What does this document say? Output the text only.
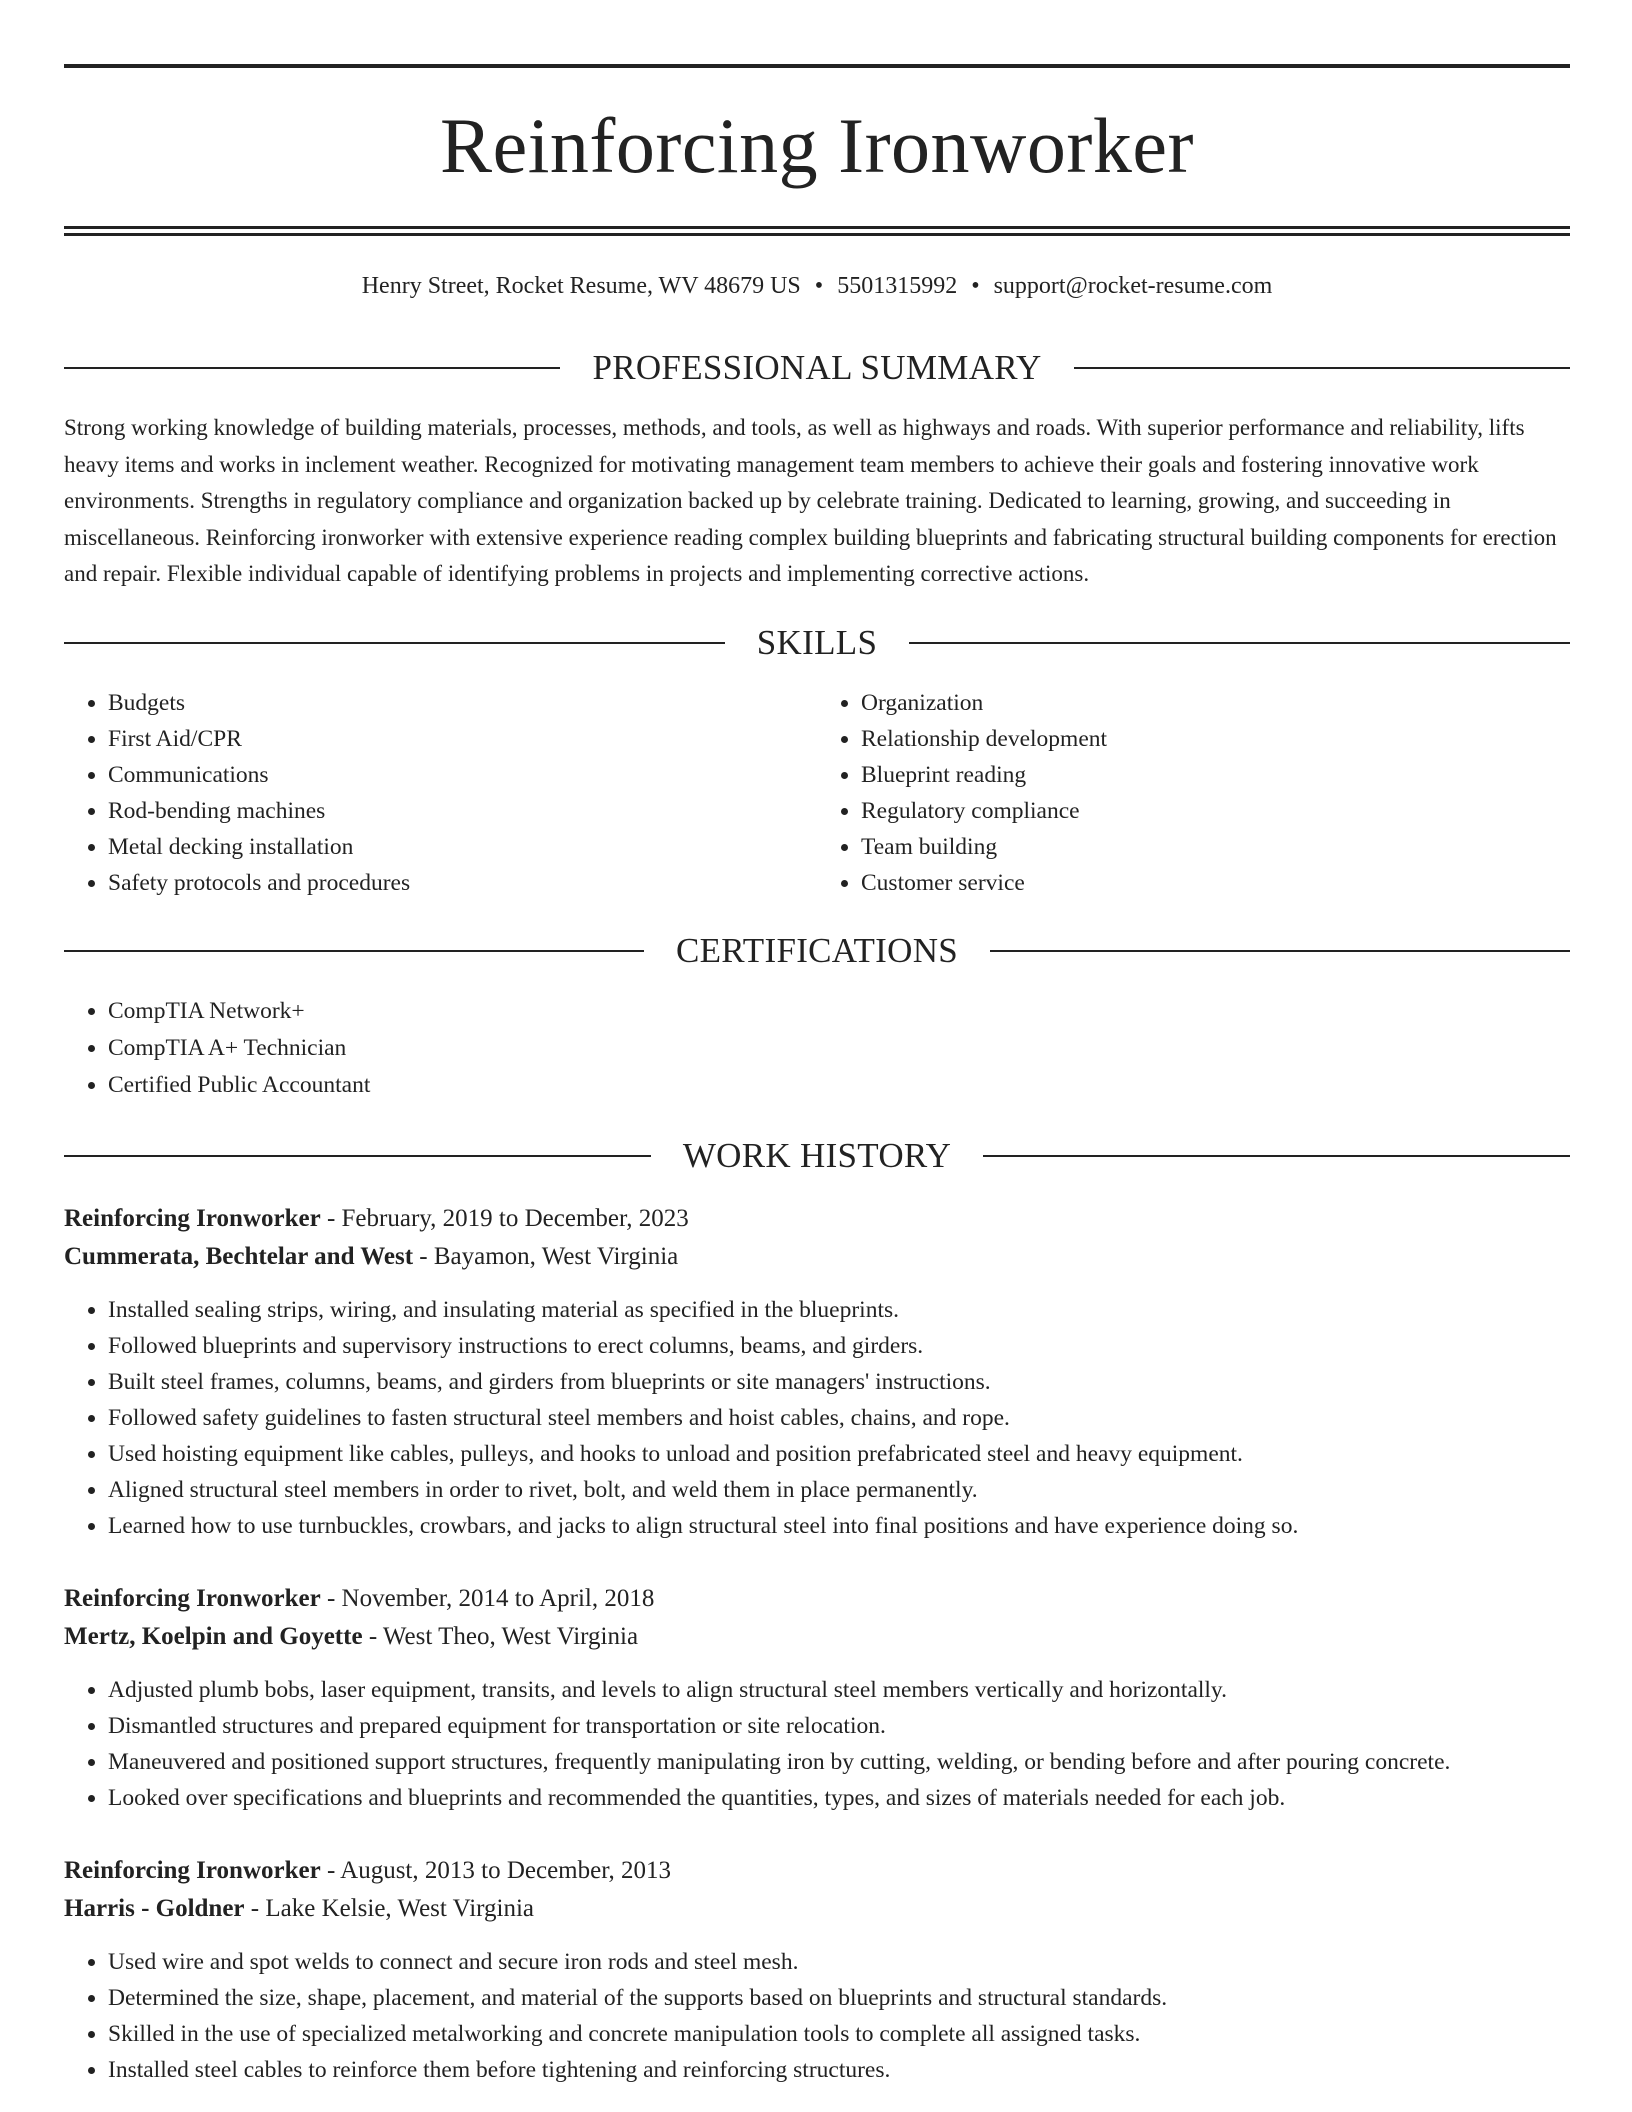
Reinforcing Ironworker
Henry Street, Rocket Resume, WV 48679 US • 5501315992 • support@rocket-resume.com
PROFESSIONAL SUMMARY

Strong working knowledge of building materials, processes, methods, and tools, as well as highways and roads. With superior performance and reliability, lifts heavy items and works in inclement weather. Recognized for motivating management team members to achieve their goals and fostering innovative work environments. Strengths in regulatory compliance and organization backed up by celebrate training. Dedicated to learning, growing, and succeeding in miscellaneous. Reinforcing ironworker with extensive experience reading complex building blueprints and fabricating structural building components for erection and repair. Flexible individual capable of identifying problems in projects and implementing corrective actions.

SKILLS
• Budgets
• First Aid/CPR
• Communications
• Rod-bending machines
• Metal decking installation
• Safety protocols and procedures
• Organization
• Relationship development
• Blueprint reading
• Regulatory compliance
• Team building
• Customer service
CERTIFICATIONS
• CompTIA Network+
• CompTIA A+ Technician
• Certified Public Accountant
WORK HISTORY
Reinforcing Ironworker - February, 2019 to December, 2023
Cummerata, Bechtelar and West - Bayamon, West Virginia
• Installed sealing strips, wiring, and insulating material as specified in the blueprints.
• Followed blueprints and supervisory instructions to erect columns, beams, and girders.
• Built steel frames, columns, beams, and girders from blueprints or site managers' instructions.
• Followed safety guidelines to fasten structural steel members and hoist cables, chains, and rope.
• Used hoisting equipment like cables, pulleys, and hooks to unload and position prefabricated steel and heavy equipment.
• Aligned structural steel members in order to rivet, bolt, and weld them in place permanently.
• Learned how to use turnbuckles, crowbars, and jacks to align structural steel into final positions and have experience doing so.
Reinforcing Ironworker - November, 2014 to April, 2018
Mertz, Koelpin and Goyette - West Theo, West Virginia
• Adjusted plumb bobs, laser equipment, transits, and levels to align structural steel members vertically and horizontally.
• Dismantled structures and prepared equipment for transportation or site relocation.
• Maneuvered and positioned support structures, frequently manipulating iron by cutting, welding, or bending before and after pouring concrete.
• Looked over specifications and blueprints and recommended the quantities, types, and sizes of materials needed for each job.
Reinforcing Ironworker - August, 2013 to December, 2013
Harris - Goldner - Lake Kelsie, West Virginia
• Used wire and spot welds to connect and secure iron rods and steel mesh.
• Determined the size, shape, placement, and material of the supports based on blueprints and structural standards.
• Skilled in the use of specialized metalworking and concrete manipulation tools to complete all assigned tasks.
• Installed steel cables to reinforce them before tightening and reinforcing structures.
